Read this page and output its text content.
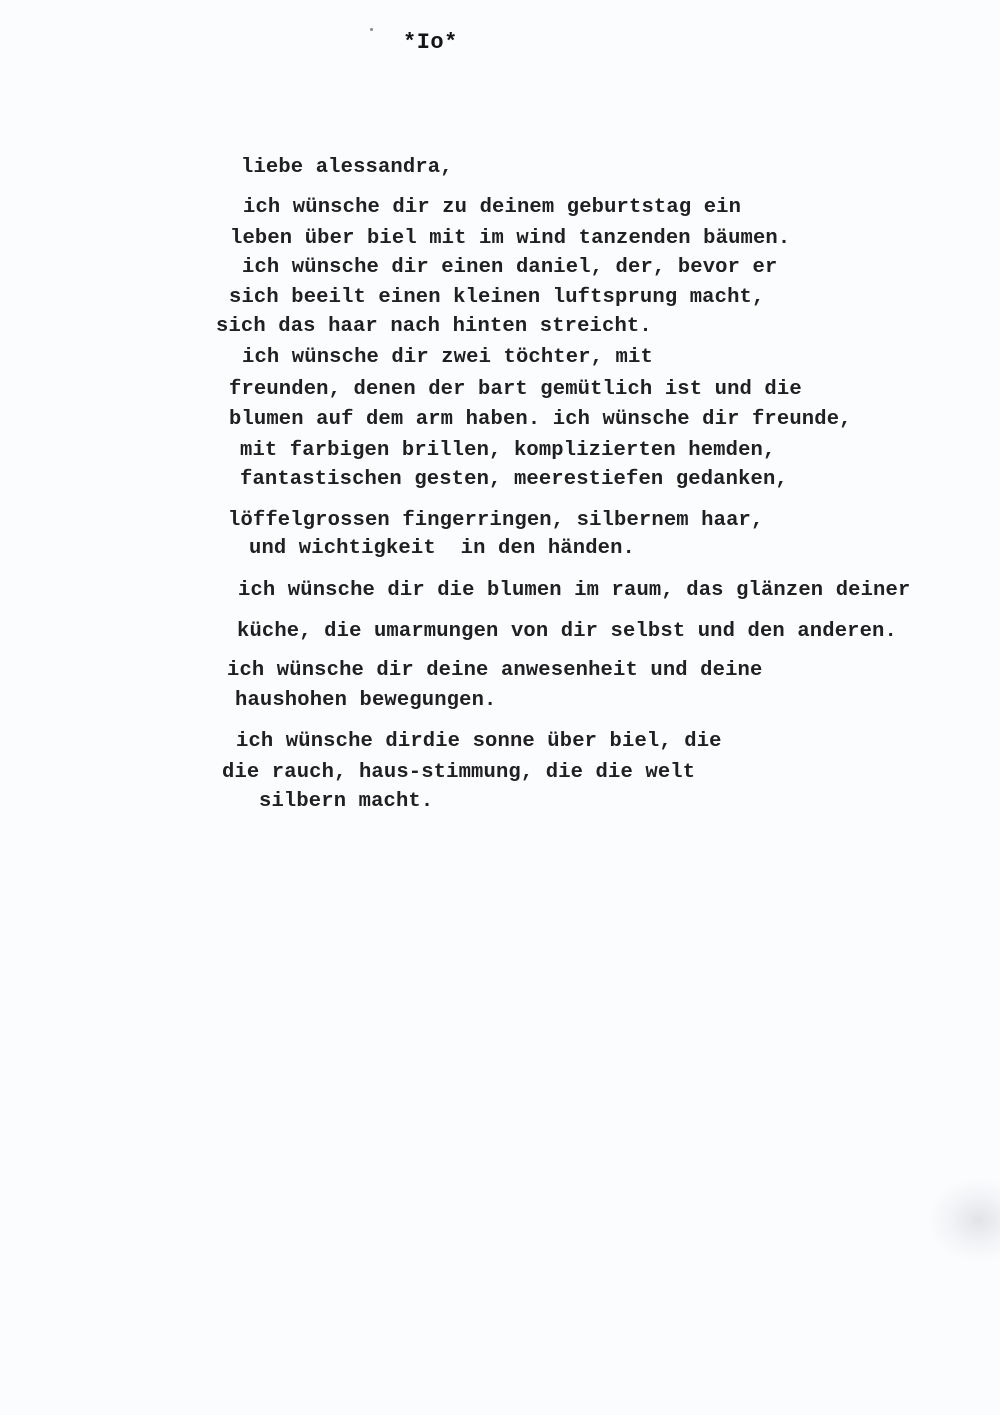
*Io*
liebe alessandra,
ich wünsche dir zu deinem geburtstag ein
leben über biel mit im wind tanzenden bäumen.
ich wünsche dir einen daniel, der, bevor er
sich beeilt einen kleinen luftsprung macht,
sich das haar nach hinten streicht.
ich wünsche dir zwei töchter, mit
freunden, denen der bart gemütlich ist und die
blumen auf dem arm haben. ich wünsche dir freunde,
mit farbigen brillen, komplizierten hemden,
fantastischen gesten, meerestiefen gedanken,
löffelgrossen fingerringen, silbernem haar,
und wichtigkeit  in den händen.
ich wünsche dir die blumen im raum, das glänzen deiner
küche, die umarmungen von dir selbst und den anderen.
ich wünsche dir deine anwesenheit und deine
haushohen bewegungen.
ich wünsche dirdie sonne über biel, die
die rauch, haus-stimmung, die die welt
silbern macht.
